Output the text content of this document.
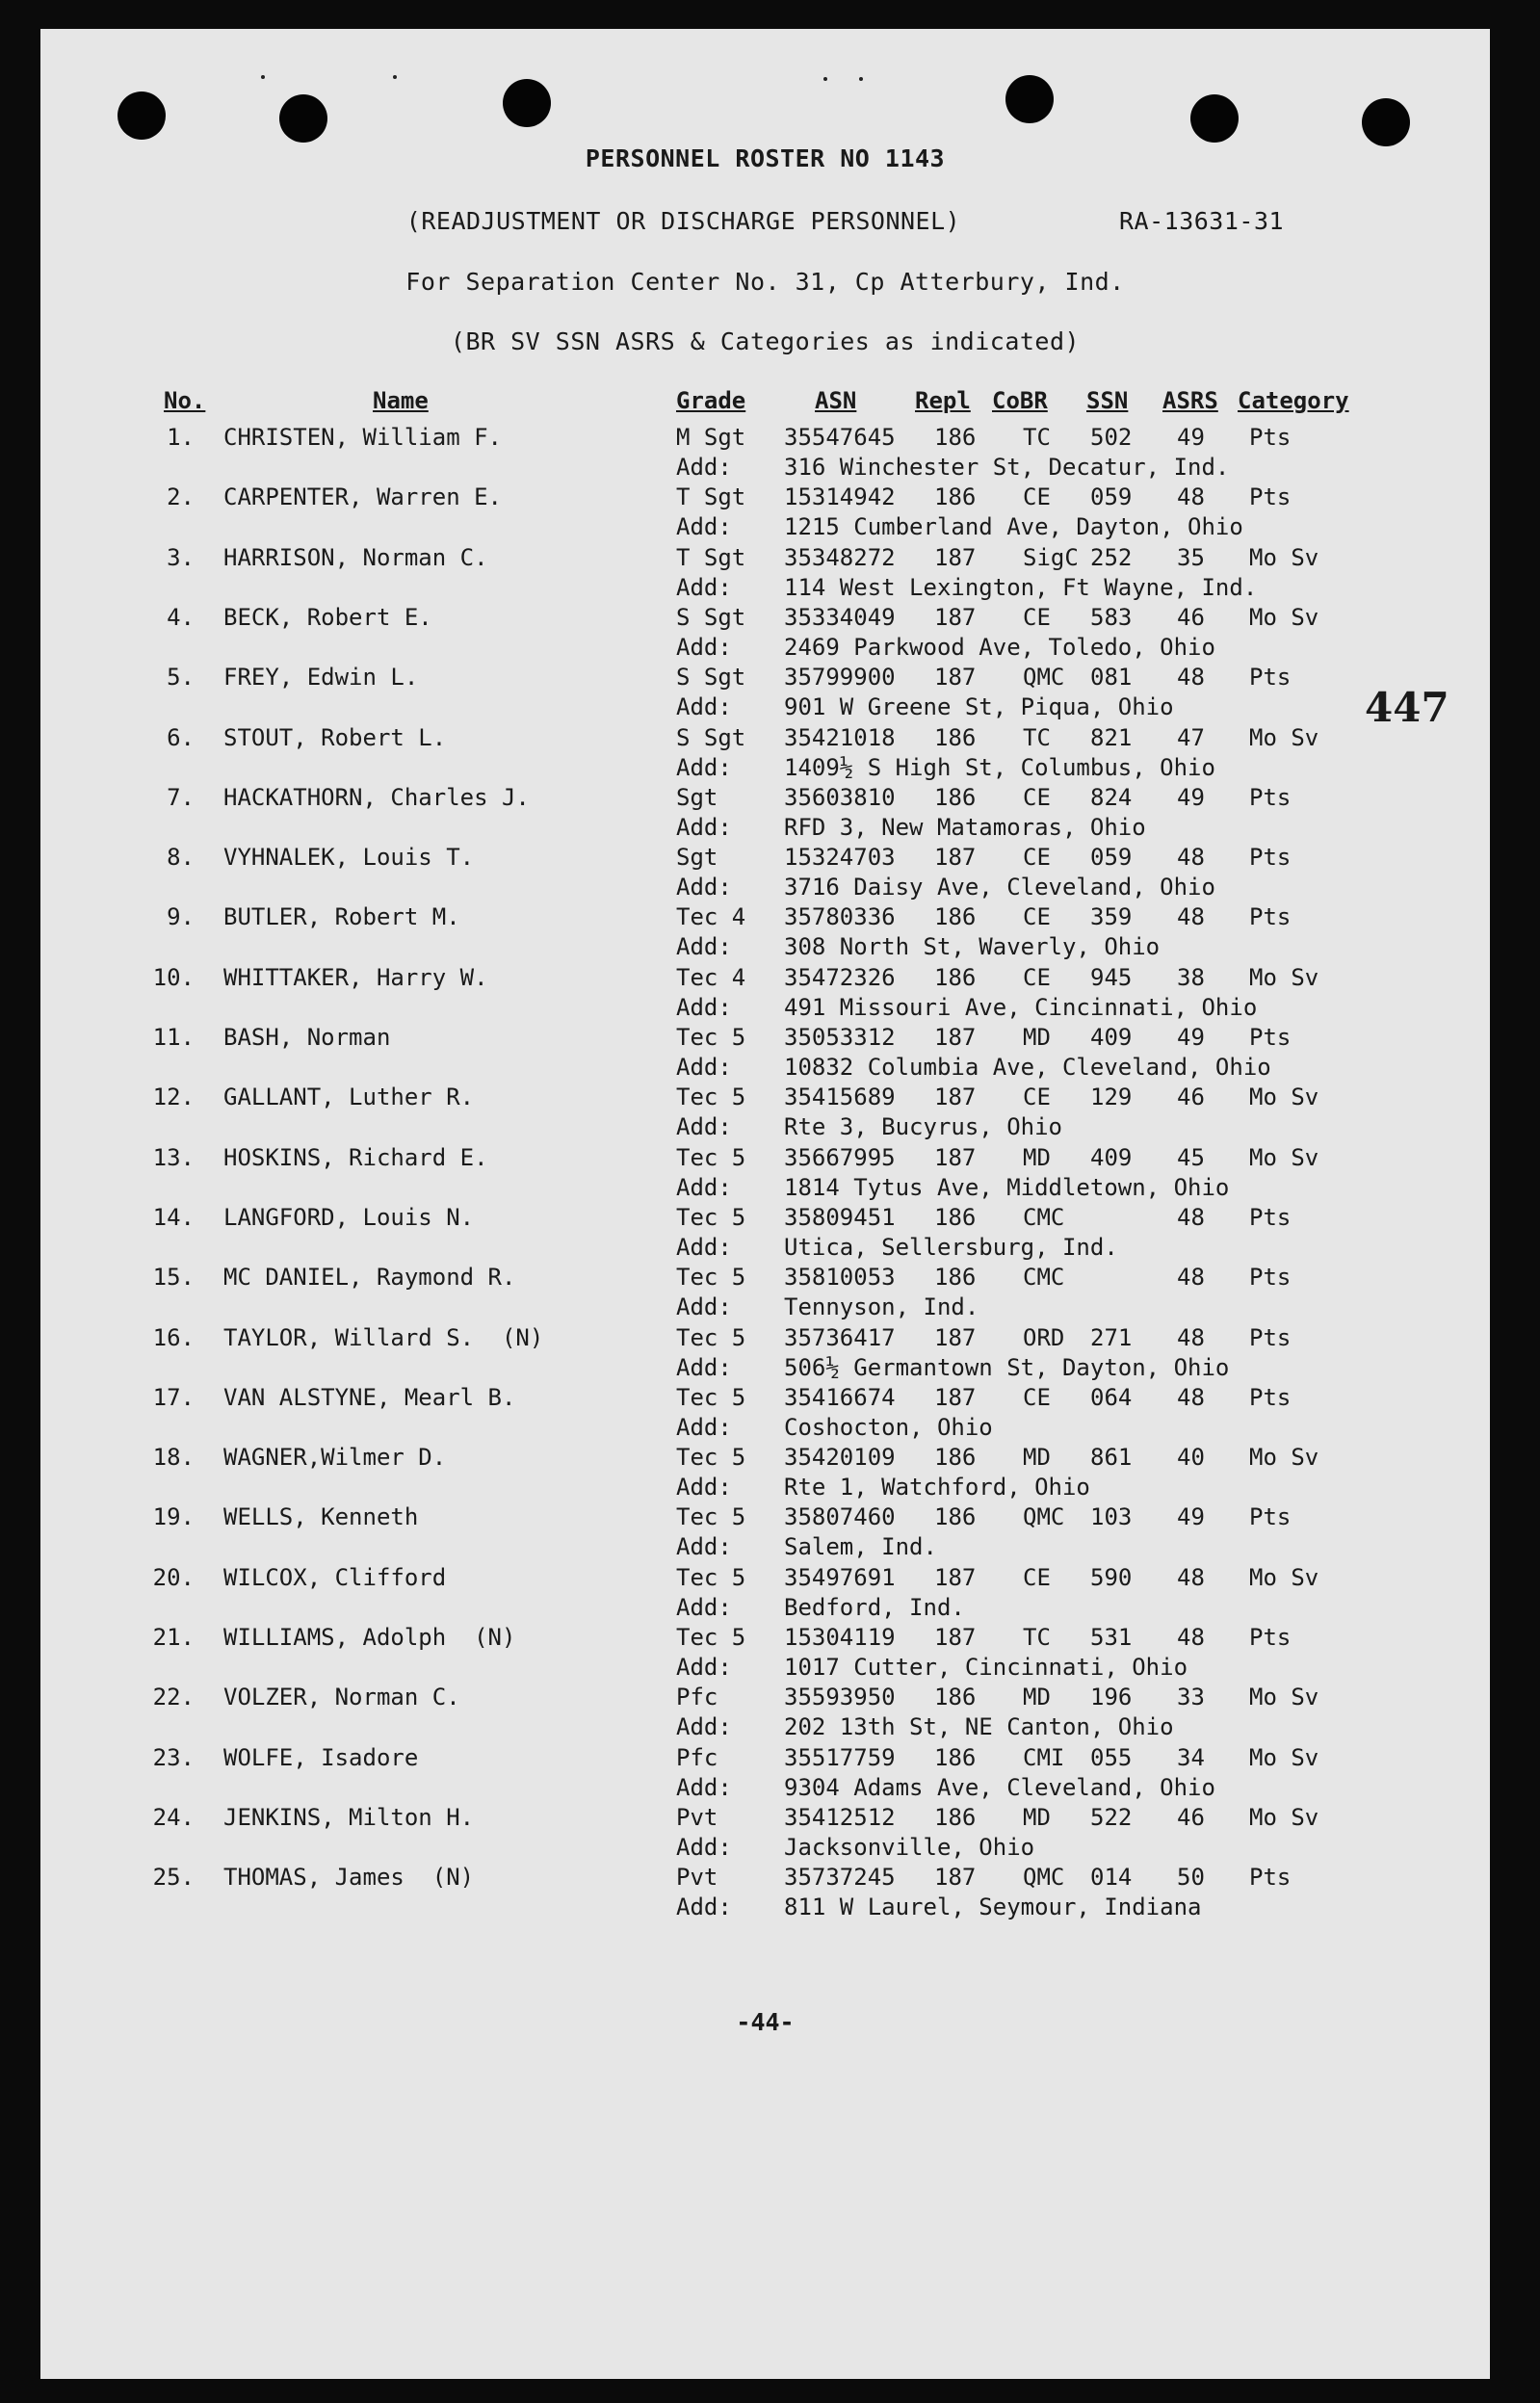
PERSONNEL ROSTER NO 1143
(READJUSTMENT OR DISCHARGE PERSONNEL)	RA-13631-31
For Separation Center No. 31, Cp Atterbury, Ind.
(BR SV SSN ASRS & Categories as indicated)
447
No.	Name	Grade	ASN	Repl CoBR SSN ASRS Category
1. CHRISTEN, William F.	M Sgt 35547645 186 TC 502 49 Pts
Add: 316 Winchester St, Decatur, Ind.
2. CARPENTER, Warren E.	T Sgt 15314942 186 CE 059 48 Pts
Add: 1215 Cumberland Ave, Dayton, Ohio
3. HARRISON, Norman C.	T Sgt 35348272 187 SigC 252 35 Mo Sv
Add: 114 West Lexington, Ft Wayne, Ind.
4. BECK, Robert E.	S Sgt 35334049 187 CE 583 46 Mo Sv
Add: 2469 Parkwood Ave, Toledo, Ohio
5. FREY, Edwin L.	S Sgt 35799900 187 QMC 081 48 Pts
Add: 901 W Greene St, Piqua, Ohio
6. STOUT, Robert L.	S Sgt 35421018 186 TC 821 47 Mo Sv
Add: 1409½ S High St, Columbus, Ohio
7. HACKATHORN, Charles J.	Sgt	35603810 186 CE 824 49 Pts
Add: RFD 3, New Matamoras, Ohio
8. VYHNALEK, Louis T.	Sgt	15324703 187 CE 059 48 Pts
Add: 3716 Daisy Ave, Cleveland, Ohio
9. BUTLER, Robert M.	Tec 4 35780336 186 CE 359 48 Pts
Add: 308 North St, Waverly, Ohio
10. WHITTAKER, Harry W.	Tec 4 35472326 186 CE 945 38 Mo Sv
Add: 491 Missouri Ave, Cincinnati, Ohio
11. BASH, Norman	Tec 5 35053312 187 MD 409 49 Pts
Add: 10832 Columbia Ave, Cleveland, Ohio
12. GALLANT, Luther R.	Tec 5 35415689 187 CE 129 46 Mo Sv
Add: Rte 3, Bucyrus, Ohio
13. HOSKINS, Richard E.	Tec 5 35667995 187 MD 409 45 Mo Sv
Add: 1814 Tytus Ave, Middletown, Ohio
14. LANGFORD, Louis N.	Tec 5 35809451 186 CMC	48 Pts
Add: Utica, Sellersburg, Ind.
15. MC DANIEL, Raymond R.	Tec 5 35810053 186 CMC	48 Pts
Add: Tennyson, Ind.
16. TAYLOR, Willard S.  (N)	Tec 5 35736417 187 ORD 271 48 Pts
Add: 506½ Germantown St, Dayton, Ohio
17. VAN ALSTYNE, Mearl B.	Tec 5 35416674 187 CE 064 48 Pts
Add: Coshocton, Ohio
18. WAGNER,Wilmer D.	Tec 5 35420109 186 MD 861 40 Mo Sv
Add: Rte 1, Watchford, Ohio
19. WELLS, Kenneth	Tec 5 35807460 186 QMC 103 49 Pts
Add: Salem, Ind.
20. WILCOX, Clifford	Tec 5 35497691 187 CE 590 48 Mo Sv
Add: Bedford, Ind.
21. WILLIAMS, Adolph  (N)	Tec 5 15304119 187 TC 531 48 Pts
Add: 1017 Cutter, Cincinnati, Ohio
22. VOLZER, Norman C.	Pfc	35593950 186 MD 196 33 Mo Sv
Add: 202 13th St, NE Canton, Ohio
23. WOLFE, Isadore	Pfc	35517759 186 CMI 055 34 Mo Sv
Add: 9304 Adams Ave, Cleveland, Ohio
24. JENKINS, Milton H.	Pvt	35412512 186 MD 522 46 Mo Sv
Add: Jacksonville, Ohio
25. THOMAS, James  (N)	Pvt	35737245 187 QMC 014 50 Pts
Add: 811 W Laurel, Seymour, Indiana
-44-
